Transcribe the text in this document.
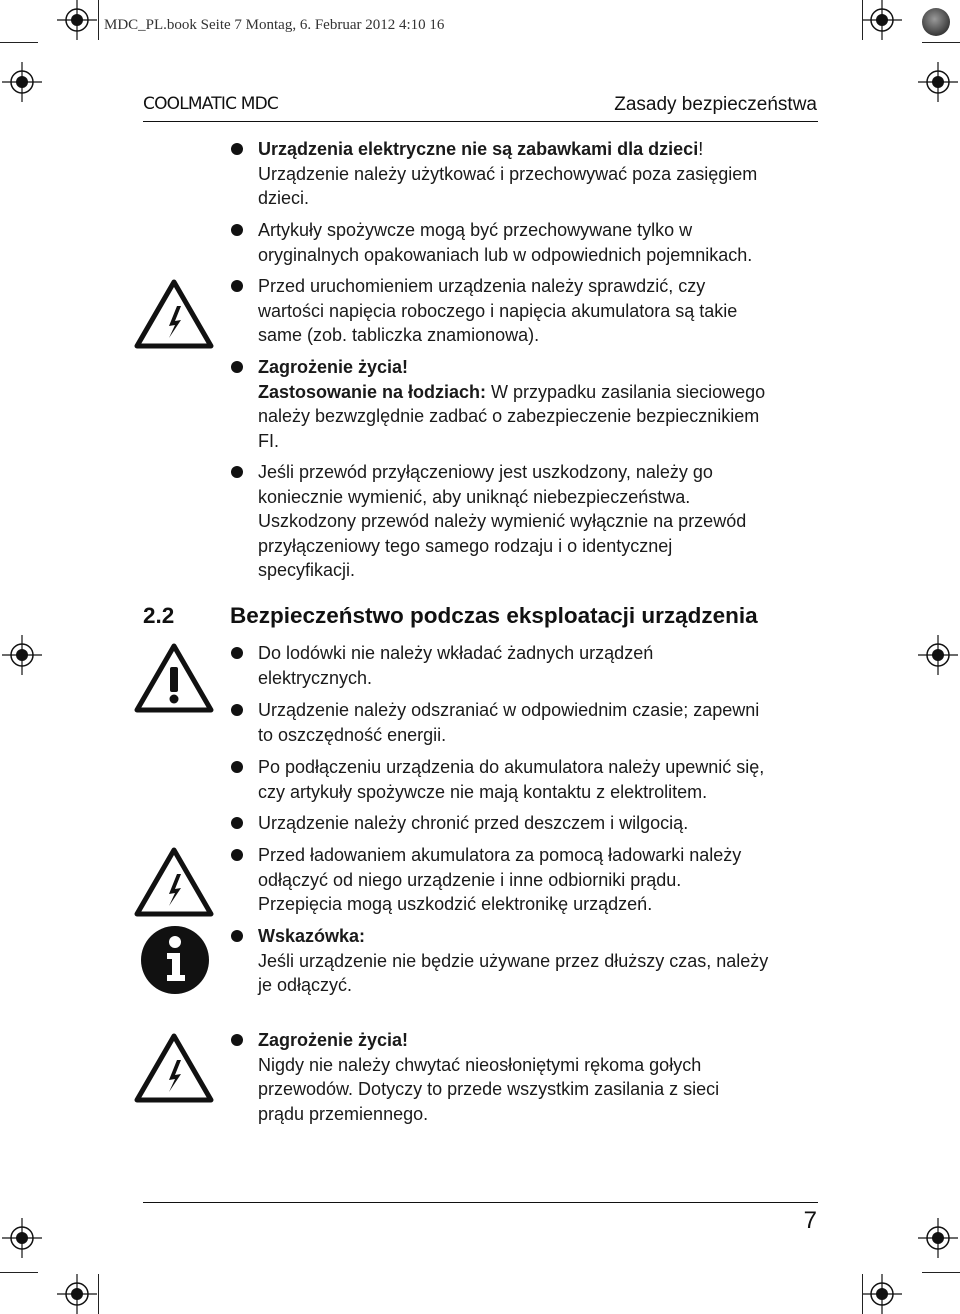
MDC_PL.book Seite 7 Montag, 6. Februar 2012 4:10 16
COOLMATIC MDC	Zasady bezpieczeństwa
Urządzenia elektryczne nie są zabawkami dla dzieci!
Urządzenie należy użytkować i przechowywać poza zasięgiem
dzieci.
Artykuły spożywcze mogą być przechowywane tylko w
oryginalnych opakowaniach lub w odpowiednich pojemnikach.
Przed uruchomieniem urządzenia należy sprawdzić, czy
wartości napięcia roboczego i napięcia akumulatora są takie
same (zob. tabliczka znamionowa).
Zagrożenie życia!
Zastosowanie na łodziach: W przypadku zasilania sieciowego
należy bezwzględnie zadbać o zabezpieczenie bezpiecznikiem
FI.
Jeśli przewód przyłączeniowy jest uszkodzony, należy go
koniecznie wymienić, aby uniknąć niebezpieczeństwa.
Uszkodzony przewód należy wymienić wyłącznie na przewód
przyłączeniowy tego samego rodzaju i o identycznej
specyfikacji.
2.2 Bezpieczeństwo podczas eksploatacji urządzenia
Do lodówki nie należy wkładać żadnych urządzeń
elektrycznych.
Urządzenie należy odszraniać w odpowiednim czasie; zapewni
to oszczędność energii.
Po podłączeniu urządzenia do akumulatora należy upewnić się,
czy artykuły spożywcze nie mają kontaktu z elektrolitem.
Urządzenie należy chronić przed deszczem i wilgocią.
Przed ładowaniem akumulatora za pomocą ładowarki należy
odłączyć od niego urządzenie i inne odbiorniki prądu.
Przepięcia mogą uszkodzić elektronikę urządzeń.
Wskazówka:
Jeśli urządzenie nie będzie używane przez dłuższy czas, należy
je odłączyć.
Zagrożenie życia!
Nigdy nie należy chwytać nieosłoniętymi rękoma gołych
przewodów. Dotyczy to przede wszystkim zasilania z sieci
prądu przemiennego.
7
